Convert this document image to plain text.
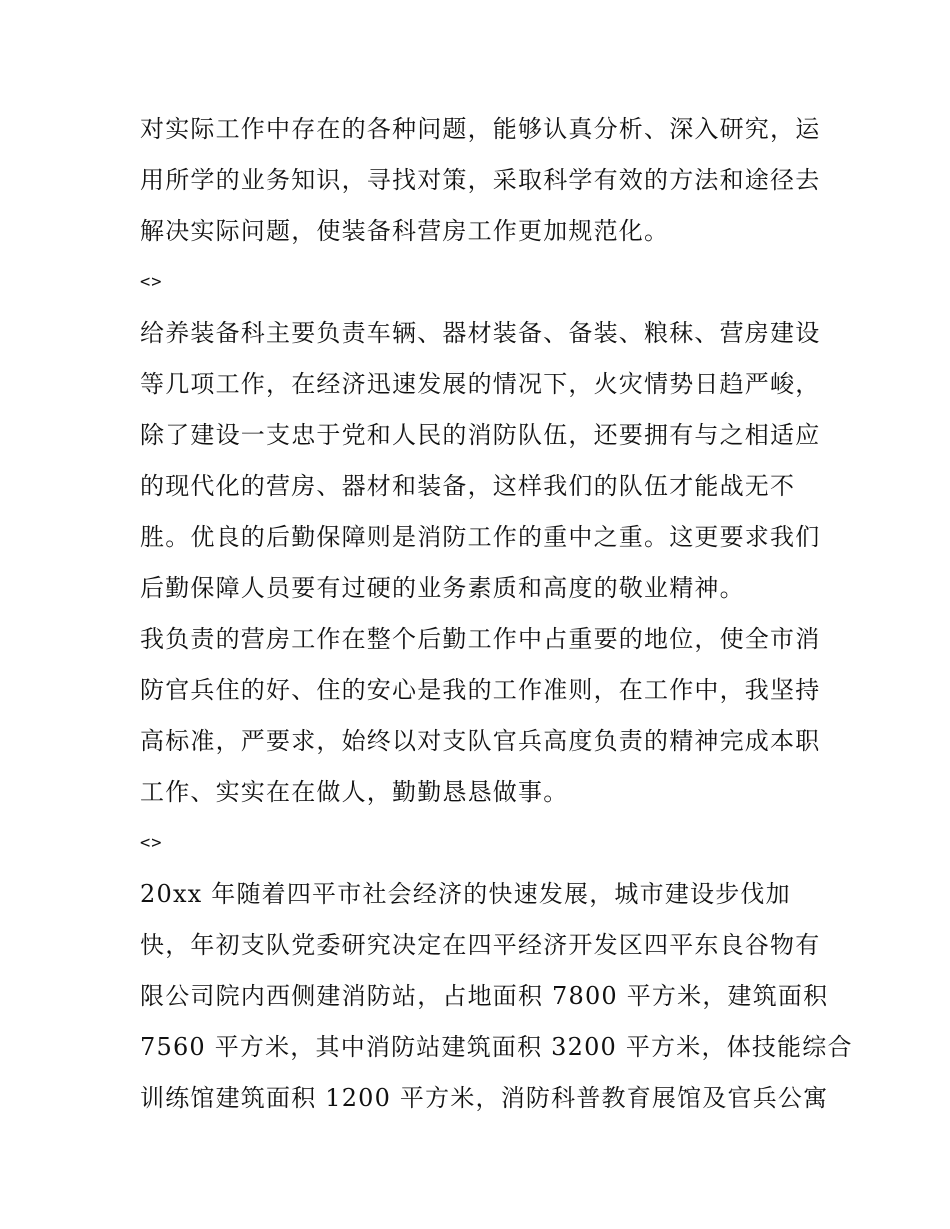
对实际工作中存在的各种问题，能够认真分析、深入研究，运
用所学的业务知识，寻找对策，采取科学有效的方法和途径去
解决实际问题，使装备科营房工作更加规范化。
<>
给养装备科主要负责车辆、器材装备、备装、粮秣、营房建设
等几项工作，在经济迅速发展的情况下，火灾情势日趋严峻，
除了建设一支忠于党和人民的消防队伍，还要拥有与之相适应
的现代化的营房、器材和装备，这样我们的队伍才能战无不
胜。优良的后勤保障则是消防工作的重中之重。这更要求我们
后勤保障人员要有过硬的业务素质和高度的敬业精神。
我负责的营房工作在整个后勤工作中占重要的地位，使全市消
防官兵住的好、住的安心是我的工作准则，在工作中，我坚持
高标准，严要求，始终以对支队官兵高度负责的精神完成本职
工作、实实在在做人，勤勤恳恳做事。
<>
20xx 年随着四平市社会经济的快速发展，城市建设步伐加
快，年初支队党委研究决定在四平经济开发区四平东良谷物有
限公司院内西侧建消防站，占地面积 7800 平方米，建筑面积
7560 平方米，其中消防站建筑面积 3200 平方米，体技能综合
训练馆建筑面积 1200 平方米，消防科普教育展馆及官兵公寓
